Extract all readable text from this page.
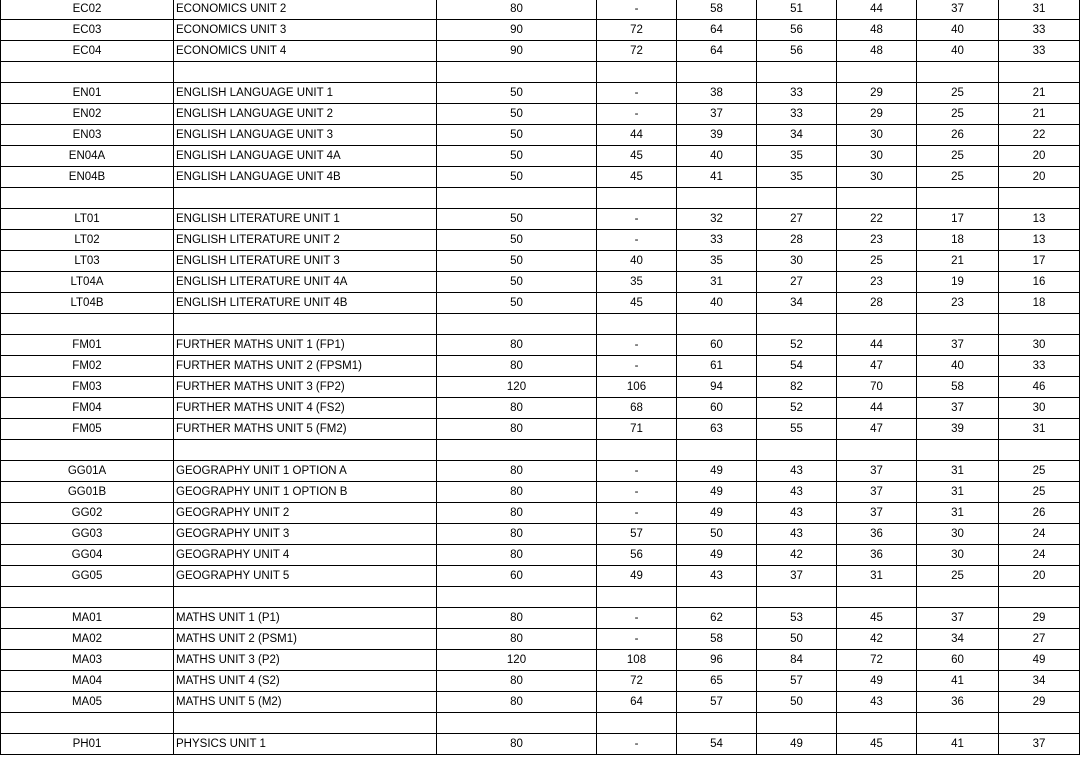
EC02	ECONOMICS UNIT 2	80	-	58	51	44	37	31
EC03	ECONOMICS UNIT 3	90	72	64	56	48	40	33
EC04	ECONOMICS UNIT 4	90	72	64	56	48	40	33

EN01	ENGLISH LANGUAGE UNIT 1	50	-	38	33	29	25	21
EN02	ENGLISH LANGUAGE UNIT 2	50	-	37	33	29	25	21
EN03	ENGLISH LANGUAGE UNIT 3	50	44	39	34	30	26	22
EN04A	ENGLISH LANGUAGE UNIT 4A	50	45	40	35	30	25	20
EN04B	ENGLISH LANGUAGE UNIT 4B	50	45	41	35	30	25	20

LT01	ENGLISH LITERATURE UNIT 1	50	-	32	27	22	17	13
LT02	ENGLISH LITERATURE UNIT 2	50	-	33	28	23	18	13
LT03	ENGLISH LITERATURE UNIT 3	50	40	35	30	25	21	17
LT04A	ENGLISH LITERATURE UNIT 4A	50	35	31	27	23	19	16
LT04B	ENGLISH LITERATURE UNIT 4B	50	45	40	34	28	23	18

FM01	FURTHER MATHS UNIT 1 (FP1)	80	-	60	52	44	37	30
FM02	FURTHER MATHS UNIT 2 (FPSM1)	80	-	61	54	47	40	33
FM03	FURTHER MATHS UNIT 3 (FP2)	120	106	94	82	70	58	46
FM04	FURTHER MATHS UNIT 4 (FS2)	80	68	60	52	44	37	30
FM05	FURTHER MATHS UNIT 5 (FM2)	80	71	63	55	47	39	31

GG01A	GEOGRAPHY UNIT 1 OPTION A	80	-	49	43	37	31	25
GG01B	GEOGRAPHY UNIT 1 OPTION B	80	-	49	43	37	31	25
GG02	GEOGRAPHY UNIT 2	80	-	49	43	37	31	26
GG03	GEOGRAPHY UNIT 3	80	57	50	43	36	30	24
GG04	GEOGRAPHY UNIT 4	80	56	49	42	36	30	24
GG05	GEOGRAPHY UNIT 5	60	49	43	37	31	25	20

MA01	MATHS UNIT 1 (P1)	80	-	62	53	45	37	29
MA02	MATHS UNIT 2 (PSM1)	80	-	58	50	42	34	27
MA03	MATHS UNIT 3 (P2)	120	108	96	84	72	60	49
MA04	MATHS UNIT 4 (S2)	80	72	65	57	49	41	34
MA05	MATHS UNIT 5 (M2)	80	64	57	50	43	36	29

PH01	PHYSICS UNIT 1	80	-	54	49	45	41	37
